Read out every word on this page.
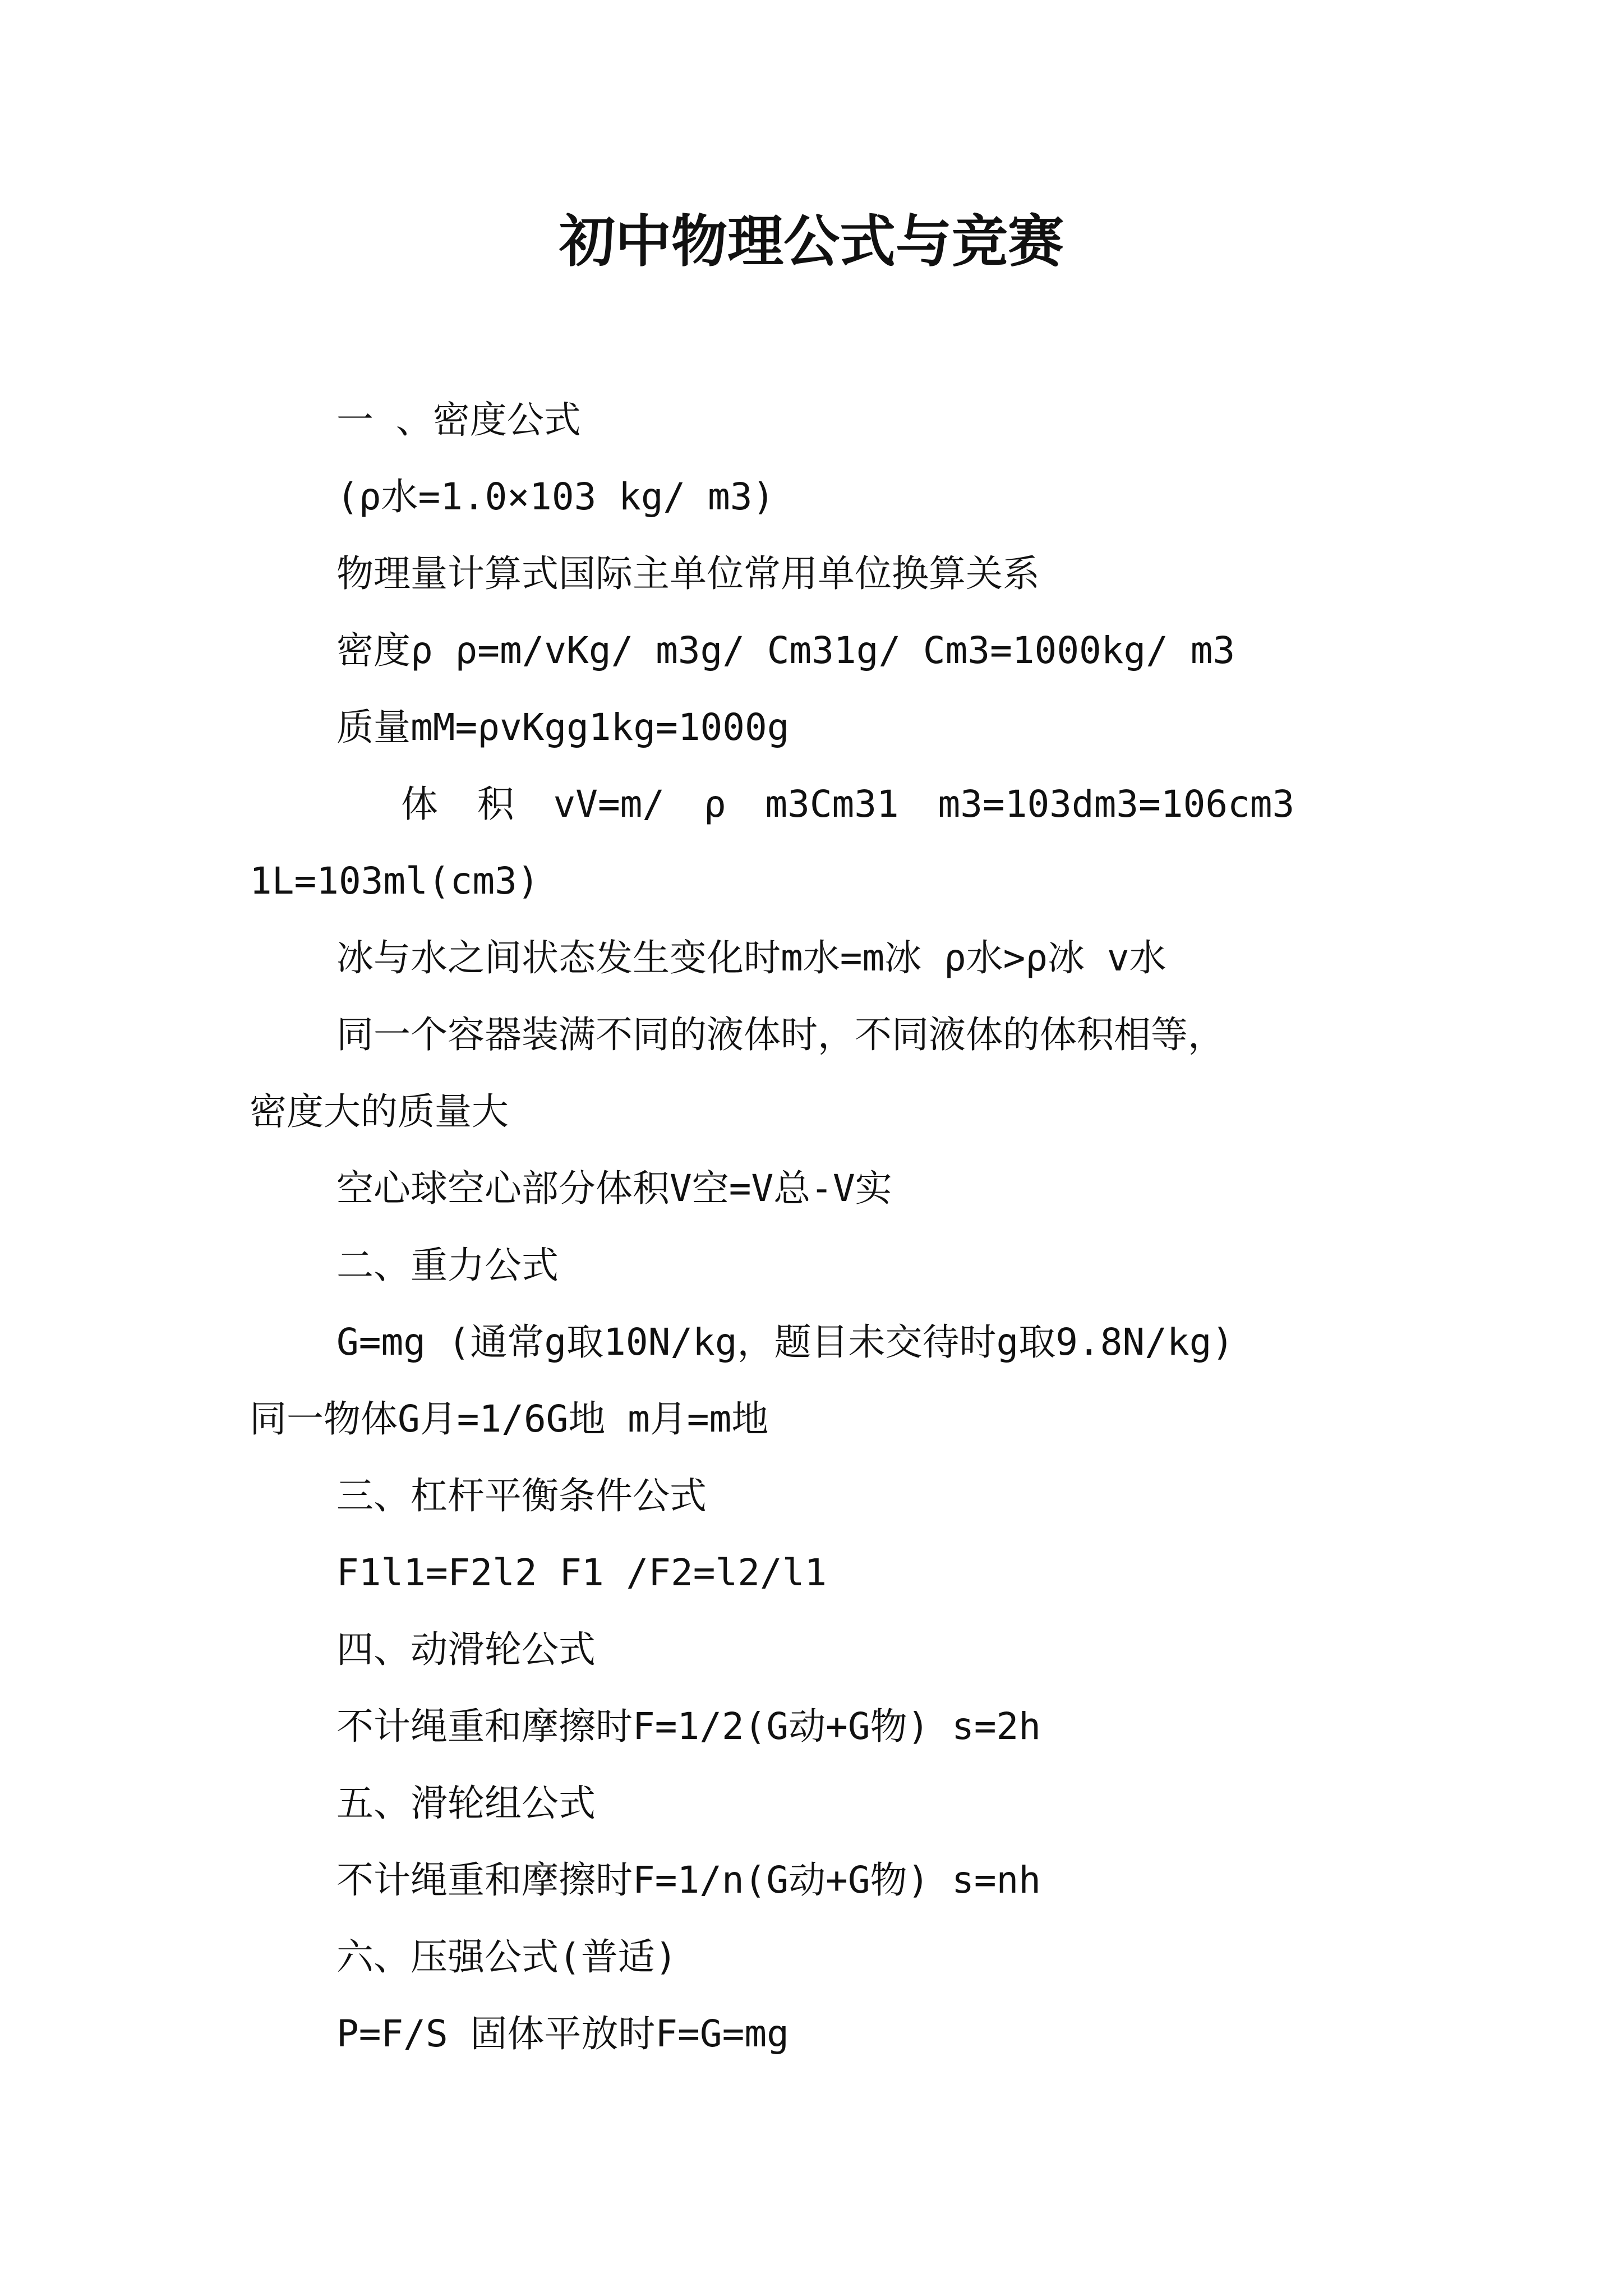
初中物理公式与竞赛

一 、密度公式

(ρ水=1.0×103 kg/ m3)

物理量计算式国际主单位常用单位换算关系

密度ρ ρ=m/vKg/ m3g/ Cm31g/ Cm3=1000kg/ m3

质量mM=ρvKgg1kg=1000g

体 积 vV=m/ ρ m3Cm31 m3=103dm3=106cm3

1L=103ml(cm3)

冰与水之间状态发生变化时m水=m冰 ρ水>ρ冰 v水

同一个容器装满不同的液体时，不同液体的体积相等，

密度大的质量大

空心球空心部分体积V空=V总-V实

二、重力公式

G=mg (通常g取10N/kg，题目未交待时g取9.8N/kg)

同一物体G月=1/6G地 m月=m地

三、杠杆平衡条件公式

F1l1=F2l2 F1 /F2=l2/l1

四、动滑轮公式

不计绳重和摩擦时F=1/2(G动+G物) s=2h

五、滑轮组公式

不计绳重和摩擦时F=1/n(G动+G物) s=nh

六、压强公式(普适)

P=F/S 固体平放时F=G=mg
